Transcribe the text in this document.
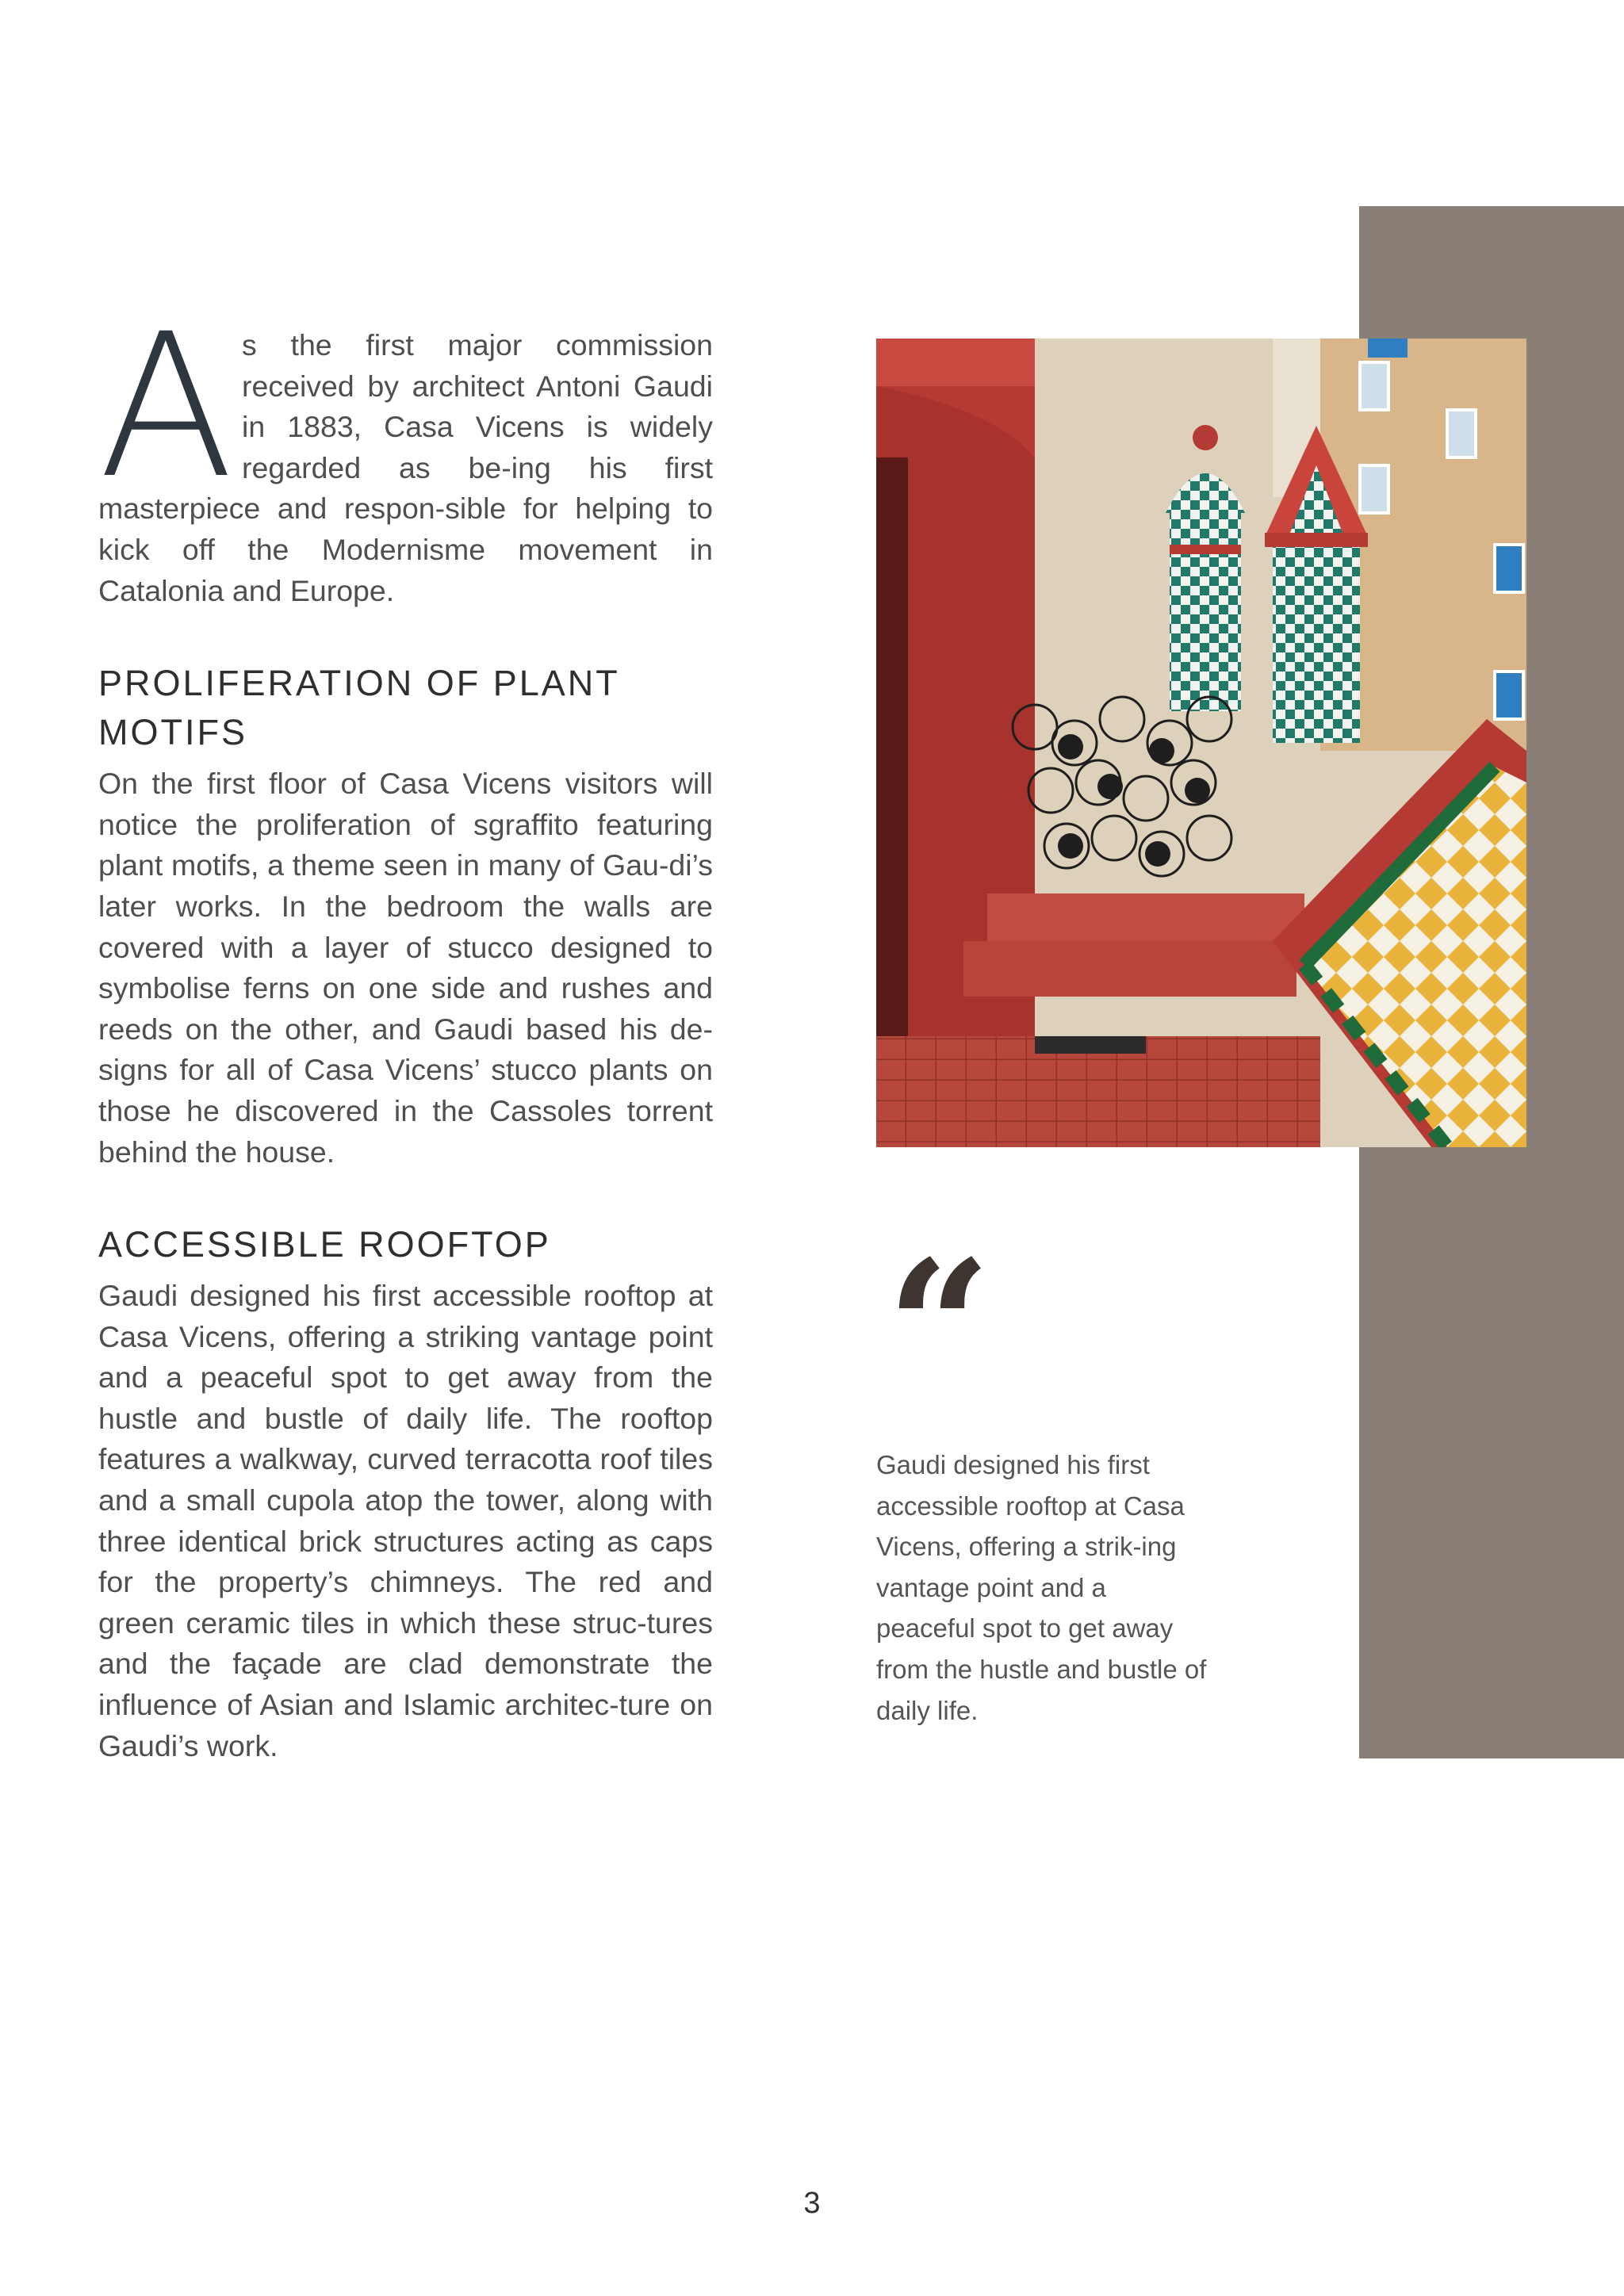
A s the first major commission received by architect Antoni Gaudi in 1883, Casa Vicens is widely regarded as be-ing his first masterpiece and respon-sible for helping to kick off the Modernisme movement in Catalonia and Europe.

PROLIFERATION OF PLANT MOTIFS

On the first floor of Casa Vicens visitors will notice the proliferation of sgraffito featuring plant motifs, a theme seen in many of Gau-di’s later works. In the bedroom the walls are covered with a layer of stucco designed to symbolise ferns on one side and rushes and reeds on the other, and Gaudi based his de-signs for all of Casa Vicens’ stucco plants on those he discovered in the Cassoles torrent behind the house.

ACCESSIBLE ROOFTOP

Gaudi designed his first accessible rooftop at Casa Vicens, offering a striking vantage point and a peaceful spot to get away from the hustle and bustle of daily life. The rooftop features a walkway, curved terracotta roof tiles and a small cupola atop the tower, along with three identical brick structures acting as caps for the property’s chimneys. The red and green ceramic tiles in which these struc-tures and the façade are clad demonstrate the influence of Asian and Islamic architec-ture on Gaudi’s work.

“

Gaudi designed his first accessible rooftop at Casa Vicens, offering a strik-ing vantage point and a peaceful spot to get away from the hustle and bustle of daily life.

3
